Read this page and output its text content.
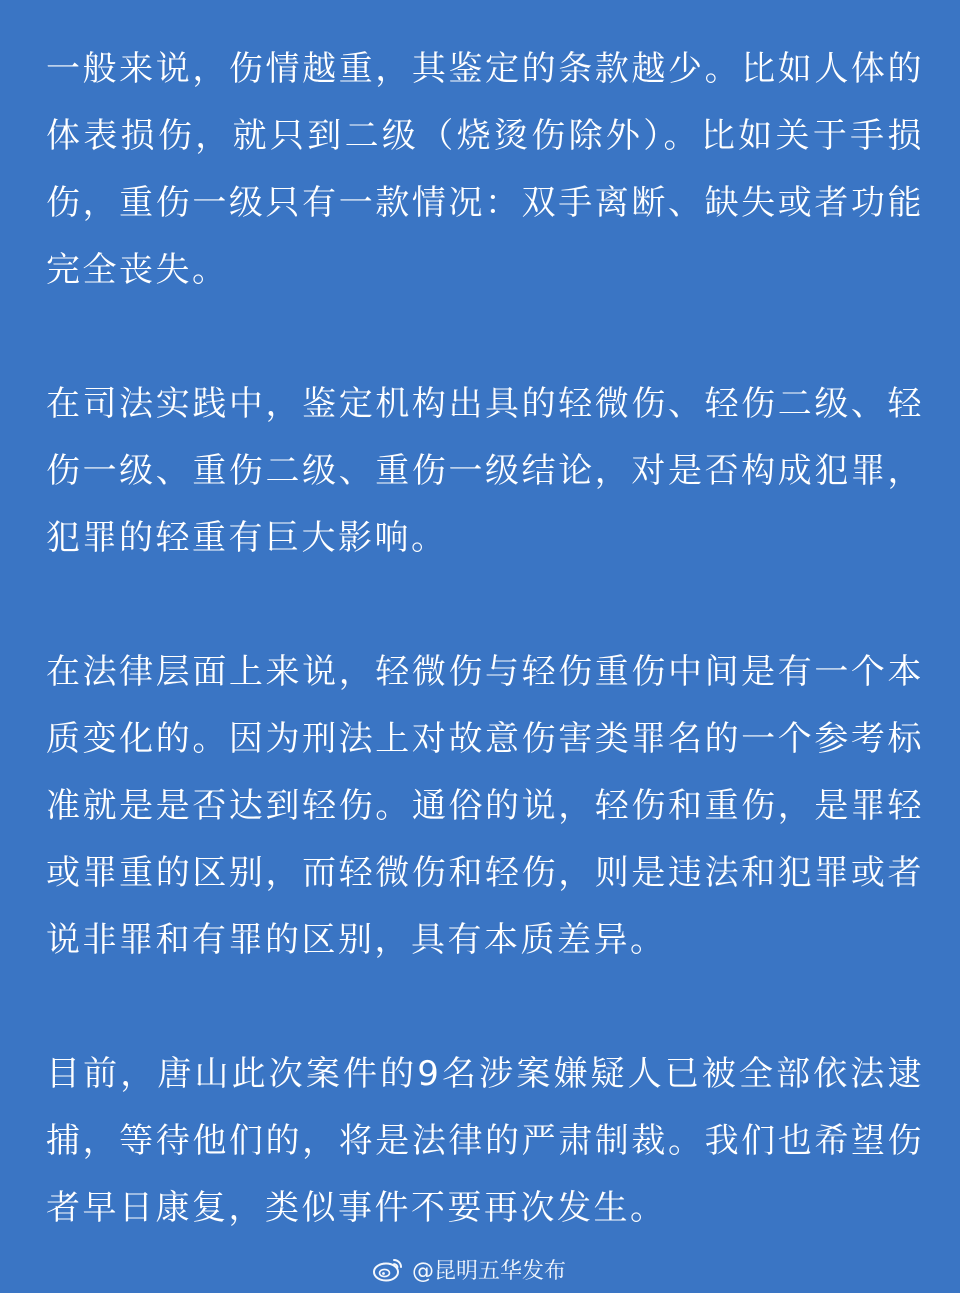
一般来说，伤情越重，其鉴定的条款越少。比如人体的体表损伤，就只到二级（烧烫伤除外）。比如关于手损伤，重伤一级只有一款情况：双手离断、缺失或者功能完全丧失。

在司法实践中，鉴定机构出具的轻微伤、轻伤二级、轻伤一级、重伤二级、重伤一级结论，对是否构成犯罪，犯罪的轻重有巨大影响。

在法律层面上来说，轻微伤与轻伤重伤中间是有一个本质变化的。因为刑法上对故意伤害类罪名的一个参考标准就是是否达到轻伤。通俗的说，轻伤和重伤，是罪轻或罪重的区别，而轻微伤和轻伤，则是违法和犯罪或者说非罪和有罪的区别，具有本质差异。

目前，唐山此次案件的9名涉案嫌疑人已被全部依法逮捕，等待他们的，将是法律的严肃制裁。我们也希望伤者早日康复，类似事件不要再次发生。

@昆明五华发布
